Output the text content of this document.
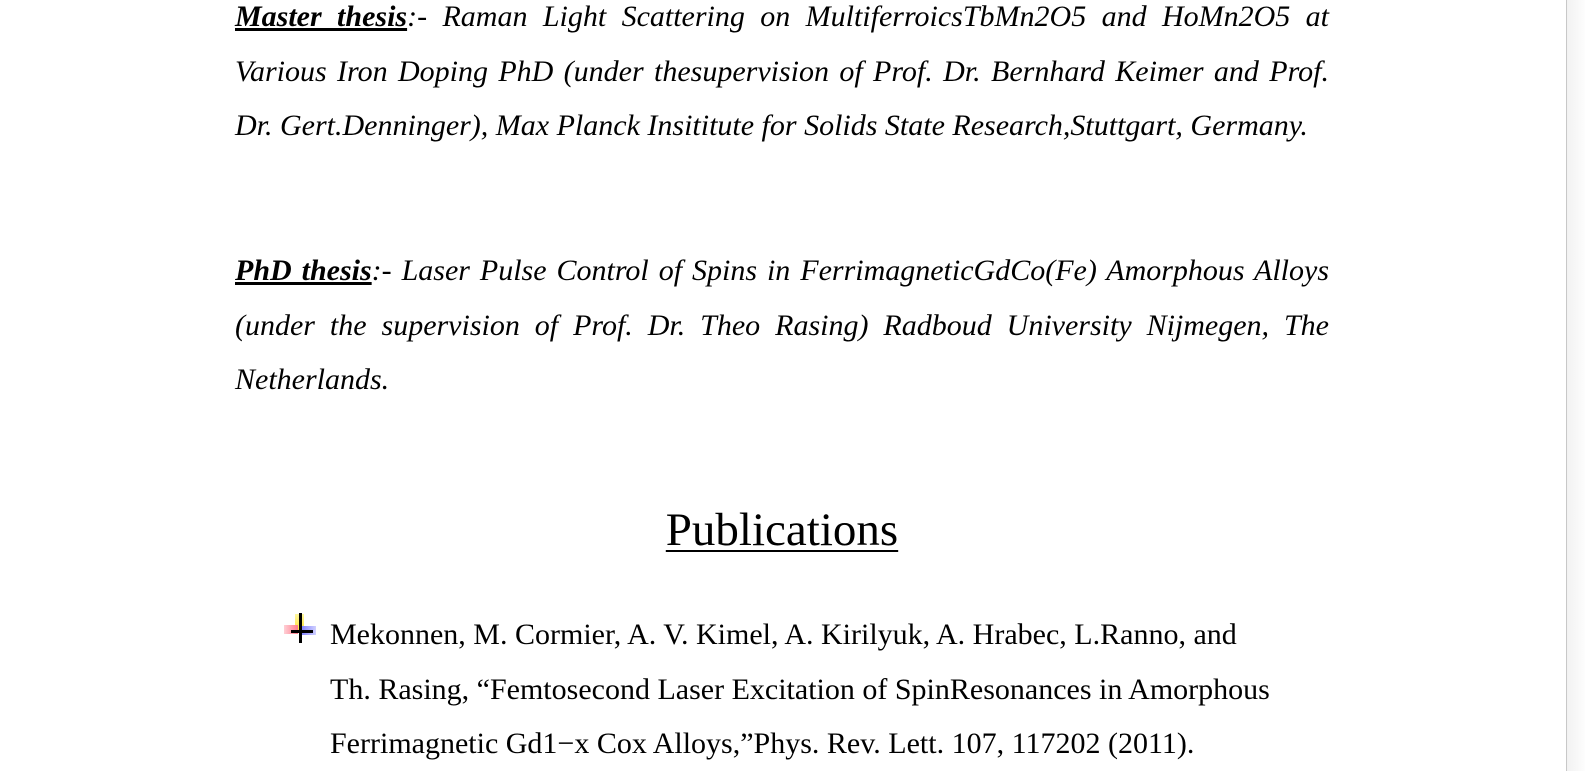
Master thesis:- Raman Light Scattering on MultiferroicsTbMn2O5 and HoMn2O5 at Various Iron Doping PhD (under thesupervision of Prof. Dr. Bernhard Keimer and Prof. Dr. Gert.Denninger), Max Planck Insititute for Solids State Research,Stuttgart, Germany.

PhD thesis:- Laser Pulse Control of Spins in FerrimagneticGdCo(Fe) Amorphous Alloys (under the supervision of Prof. Dr. Theo Rasing) Radboud University Nijmegen, The Netherlands.

Publications
Mekonnen, M. Cormier, A. V. Kimel, A. Kirilyuk, A. Hrabec, L.Ranno, and
Th. Rasing, “Femtosecond Laser Excitation of SpinResonances in Amorphous
Ferrimagnetic Gd1−x Cox Alloys,”Phys. Rev. Lett. 107, 117202 (2011).
